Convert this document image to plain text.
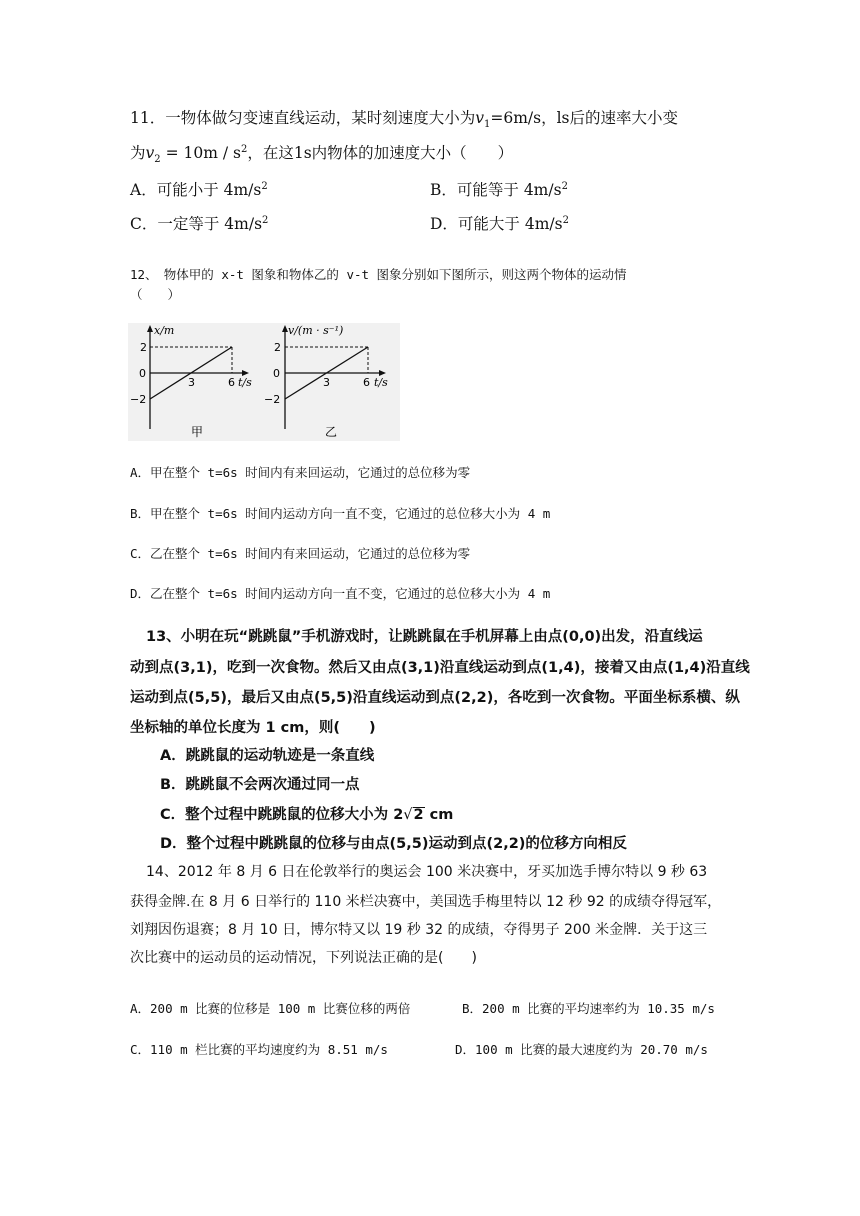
11．一物体做匀变速直线运动，某时刻速度大小为$v_1=6m/s$，ls后的速率大小变
为$v_2 = 10m / s^2$，在这1s内物体的加速度大小（　　）
A．可能小于 $4m/s^2$	B．可能等于 $4m/s^2$
C．一定等于 $4m/s^2$	D．可能大于 $4m/s^2$
12、　物体甲的 x-t 图象和物体乙的 v-t 图象分别如下图所示，则这两个物体的运动情
（　　）
x/m
2
0
−2
3	6 t/s
甲
v/(m · s⁻¹)
2
0
−2
3	6 t/s
乙
A．甲在整个 t=6s 时间内有来回运动，它通过的总位移为零
B．甲在整个 t=6s 时间内运动方向一直不变，它通过的总位移大小为 4 m
C．乙在整个 t=6s 时间内有来回运动，它通过的总位移为零
D．乙在整个 t=6s 时间内运动方向一直不变，它通过的总位移大小为 4 m
13、小明在玩“跳跳鼠”手机游戏时，让跳跳鼠在手机屏幕上由点(0,0)出发，沿直线运
动到点(3,1)，吃到一次食物。然后又由点(3,1)沿直线运动到点(1,4)，接着又由点(1,4)沿直线
运动到点(5,5)，最后又由点(5,5)沿直线运动到点(2,2)，各吃到一次食物。平面坐标系横、纵
坐标轴的单位长度为 1 cm，则(　　)
A．跳跳鼠的运动轨迹是一条直线
B．跳跳鼠不会两次通过同一点
C．整个过程中跳跳鼠的位移大小为 2√2 cm
D．整个过程中跳跳鼠的位移与由点(5,5)运动到点(2,2)的位移方向相反
14、2012 年 8 月 6 日在伦敦举行的奥运会 100 米决赛中，牙买加选手博尔特以 9 秒 63
获得金牌.在 8 月 6 日举行的 110 米栏决赛中，美国选手梅里特以 12 秒 92 的成绩夺得冠军，
刘翔因伤退赛；8 月 10 日，博尔特又以 19 秒 32 的成绩，夺得男子 200 米金牌．关于这三
次比赛中的运动员的运动情况，下列说法正确的是(　　)
A．200 m 比赛的位移是 100 m 比赛位移的两倍	B．200 m 比赛的平均速率约为 10.35 m/s
C．110 m 栏比赛的平均速度约为 8.51 m/s	D．100 m 比赛的最大速度约为 20.70 m/s
